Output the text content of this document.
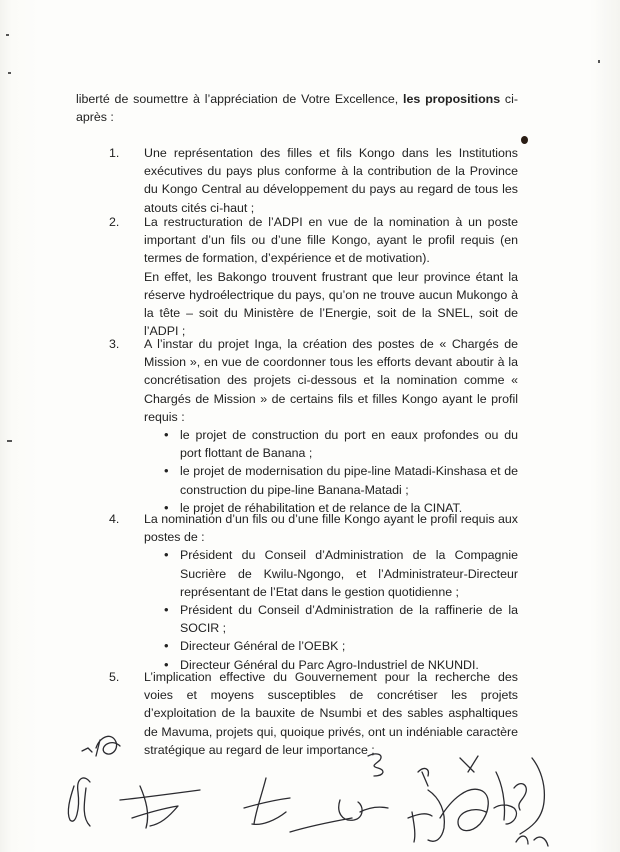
liberté de soumettre à l’appréciation de Votre Excellence, les propositions ci-après :
1. Une représentation des filles et fils Kongo dans les Institutions exécutives du pays plus conforme à la contribution de la Province du Kongo Central au développement du pays au regard de tous les atouts cités ci-haut ;

2. La restructuration de l’ADPI en vue de la nomination à un poste important d’un fils ou d’une fille Kongo, ayant le profil requis (en termes de formation, d’expérience et de motivation).

En effet, les Bakongo trouvent frustrant que leur province étant la réserve hydroélectrique du pays, qu’on ne trouve aucun Mukongo à la tête – soit du Ministère de l’Energie, soit de la SNEL, soit de l’ADPI ;

3. A l’instar du projet Inga, la création des postes de « Chargés de Mission », en vue de coordonner tous les efforts devant aboutir à la concrétisation des projets ci-dessous et la nomination comme « Chargés de Mission » de certains fils et filles Kongo ayant le profil requis :

• le projet de construction du port en eaux profondes ou du port flottant de Banana ;
• le projet de modernisation du pipe-line Matadi-Kinshasa et de construction du pipe-line Banana-Matadi ;
• le projet de réhabilitation et de relance de la CINAT.
4. La nomination d’un fils ou d’une fille Kongo ayant le profil requis aux postes de :

• Président du Conseil d’Administration de la Compagnie Sucrière de Kwilu-Ngongo, et l’Administrateur-Directeur représentant de l’Etat dans le gestion quotidienne ;
• Président du Conseil d’Administration de la raffinerie de la SOCIR ;
• Directeur Général de l’OEBK ;
• Directeur Général du Parc Agro-Industriel de NKUNDI.
5. L’implication effective du Gouvernement pour la recherche des voies et moyens susceptibles de concrétiser les projets d’exploitation de la bauxite de Nsumbi et des sables asphaltiques de Mavuma, projets qui, quoique privés, ont un indéniable caractère stratégique au regard de leur importance ;
